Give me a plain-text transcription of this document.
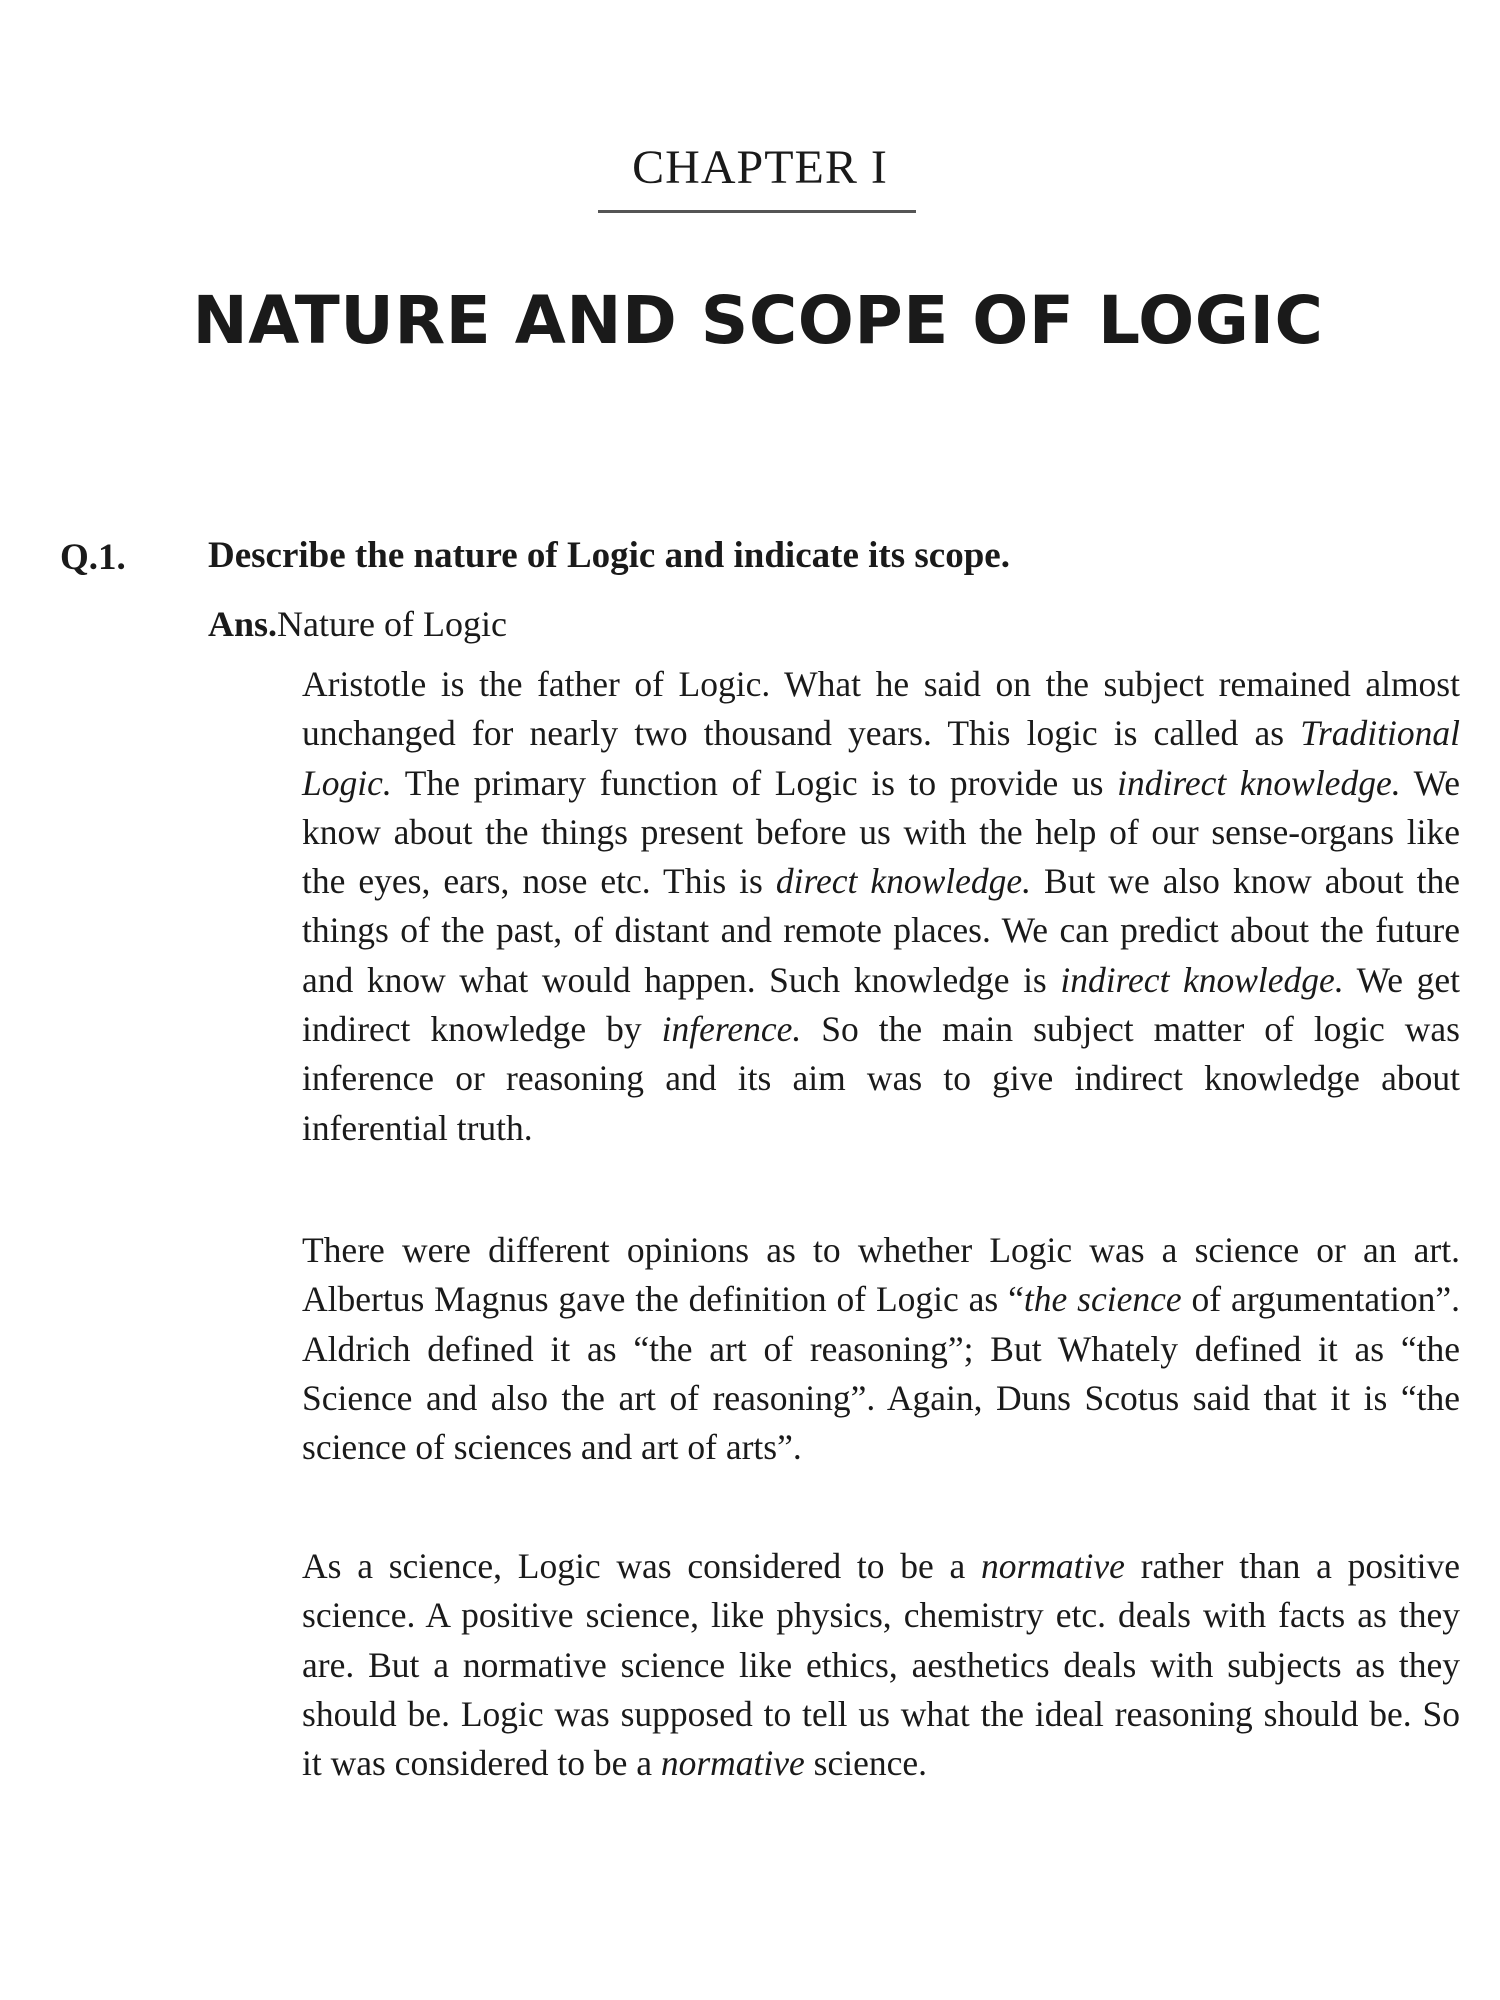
CHAPTER I
NATURE AND SCOPE OF LOGIC
Q.1. Describe the nature of Logic and indicate its scope.
Ans.Nature of Logic

Aristotle is the father of Logic. What he said on the subject remained almost unchanged for nearly two thousand years. This logic is called as Traditional Logic. The primary function of Logic is to provide us indirect knowledge. We know about the things present before us with the help of our sense-organs like the eyes, ears, nose etc. This is direct knowledge. But we also know about the things of the past, of distant and remote places. We can predict about the future and know what would happen. Such knowledge is indirect knowledge. We get indirect knowledge by inference. So the main subject matter of logic was inference or reasoning and its aim was to give indirect knowledge about inferential truth.

There were different opinions as to whether Logic was a science or an art. Albertus Magnus gave the definition of Logic as “the science of argumentation”. Aldrich defined it as “the art of reasoning”; But Whately defined it as “the Science and also the art of reasoning”. Again, Duns Scotus said that it is “the science of sciences and art of arts”.

As a science, Logic was considered to be a normative rather than a positive science. A positive science, like physics, chemistry etc. deals with facts as they are. But a normative science like ethics, aesthetics deals with subjects as they should be. Logic was supposed to tell us what the ideal reasoning should be. So it was considered to be a normative science.
